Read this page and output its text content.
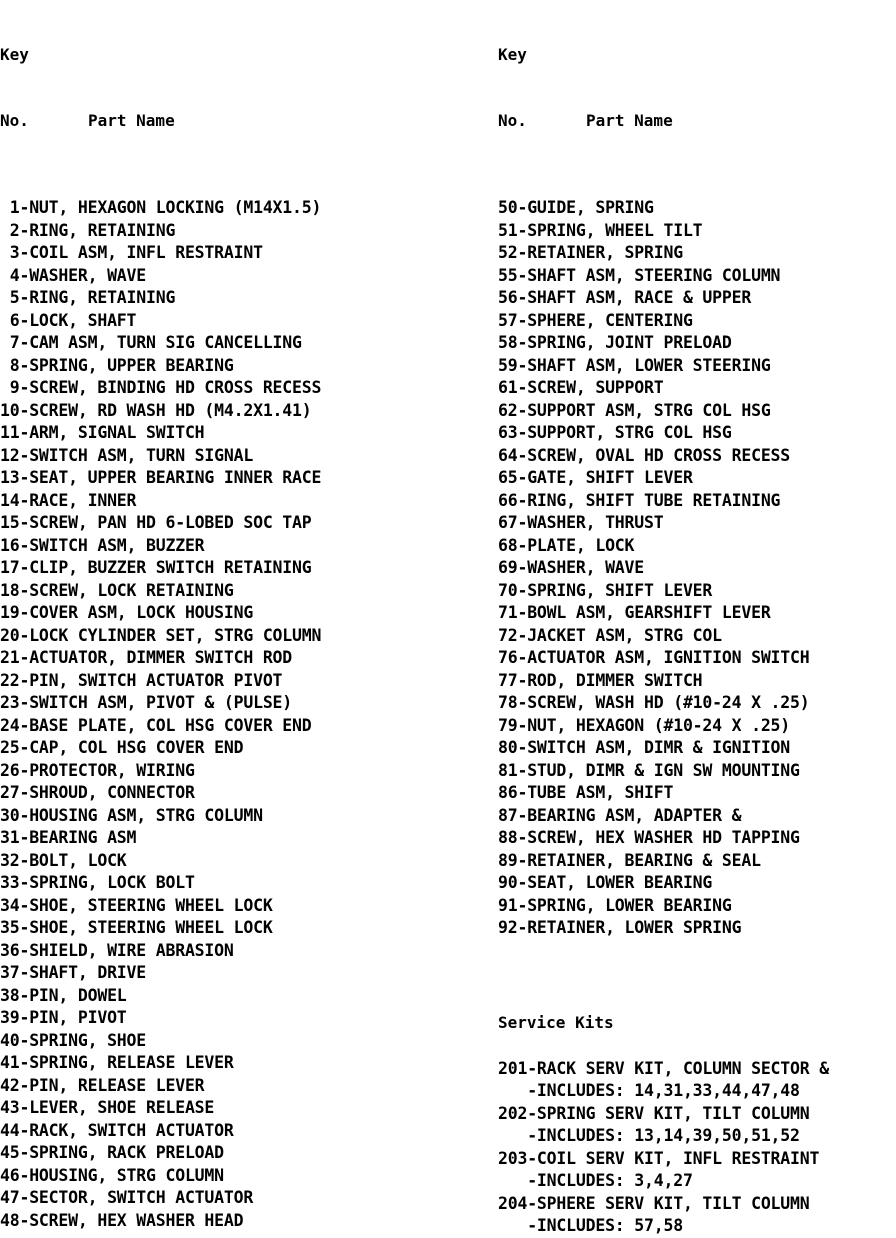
Key

No.	Part Name

1-NUT, HEXAGON LOCKING (M14X1.5)
2-RING, RETAINING
3-COIL ASM, INFL RESTRAINT
4-WASHER, WAVE
5-RING, RETAINING
6-LOCK, SHAFT
7-CAM ASM, TURN SIG CANCELLING
8-SPRING, UPPER BEARING
9-SCREW, BINDING HD CROSS RECESS
10-SCREW, RD WASH HD (M4.2X1.41)
11-ARM, SIGNAL SWITCH
12-SWITCH ASM, TURN SIGNAL
13-SEAT, UPPER BEARING INNER RACE
14-RACE, INNER
15-SCREW, PAN HD 6-LOBED SOC TAP
16-SWITCH ASM, BUZZER
17-CLIP, BUZZER SWITCH RETAINING
18-SCREW, LOCK RETAINING
19-COVER ASM, LOCK HOUSING
20-LOCK CYLINDER SET, STRG COLUMN
21-ACTUATOR, DIMMER SWITCH ROD
22-PIN, SWITCH ACTUATOR PIVOT
23-SWITCH ASM, PIVOT & (PULSE)
24-BASE PLATE, COL HSG COVER END
25-CAP, COL HSG COVER END
26-PROTECTOR, WIRING
27-SHROUD, CONNECTOR
30-HOUSING ASM, STRG COLUMN
31-BEARING ASM
32-BOLT, LOCK
33-SPRING, LOCK BOLT
34-SHOE, STEERING WHEEL LOCK
35-SHOE, STEERING WHEEL LOCK
36-SHIELD, WIRE ABRASION
37-SHAFT, DRIVE
38-PIN, DOWEL
39-PIN, PIVOT
40-SPRING, SHOE
41-SPRING, RELEASE LEVER
42-PIN, RELEASE LEVER
43-LEVER, SHOE RELEASE
44-RACK, SWITCH ACTUATOR
45-SPRING, RACK PRELOAD
46-HOUSING, STRG COLUMN
47-SECTOR, SWITCH ACTUATOR
48-SCREW, HEX WASHER HEAD

Key

No.	Part Name

50-GUIDE, SPRING
51-SPRING, WHEEL TILT
52-RETAINER, SPRING
55-SHAFT ASM, STEERING COLUMN
56-SHAFT ASM, RACE & UPPER
57-SPHERE, CENTERING
58-SPRING, JOINT PRELOAD
59-SHAFT ASM, LOWER STEERING
61-SCREW, SUPPORT
62-SUPPORT ASM, STRG COL HSG
63-SUPPORT, STRG COL HSG
64-SCREW, OVAL HD CROSS RECESS
65-GATE, SHIFT LEVER
66-RING, SHIFT TUBE RETAINING
67-WASHER, THRUST
68-PLATE, LOCK
69-WASHER, WAVE
70-SPRING, SHIFT LEVER
71-BOWL ASM, GEARSHIFT LEVER
72-JACKET ASM, STRG COL
76-ACTUATOR ASM, IGNITION SWITCH
77-ROD, DIMMER SWITCH
78-SCREW, WASH HD (#10-24 X .25)
79-NUT, HEXAGON (#10-24 X .25)
80-SWITCH ASM, DIMR & IGNITION
81-STUD, DIMR & IGN SW MOUNTING
86-TUBE ASM, SHIFT
87-BEARING ASM, ADAPTER &
88-SCREW, HEX WASHER HD TAPPING
89-RETAINER, BEARING & SEAL
90-SEAT, LOWER BEARING
91-SPRING, LOWER BEARING
92-RETAINER, LOWER SPRING
Service Kits
201-RACK SERV KIT, COLUMN SECTOR &
-INCLUDES: 14,31,33,44,47,48
202-SPRING SERV KIT, TILT COLUMN
-INCLUDES: 13,14,39,50,51,52
203-COIL SERV KIT, INFL RESTRAINT
-INCLUDES: 3,4,27
204-SPHERE SERV KIT, TILT COLUMN
-INCLUDES: 57,58
